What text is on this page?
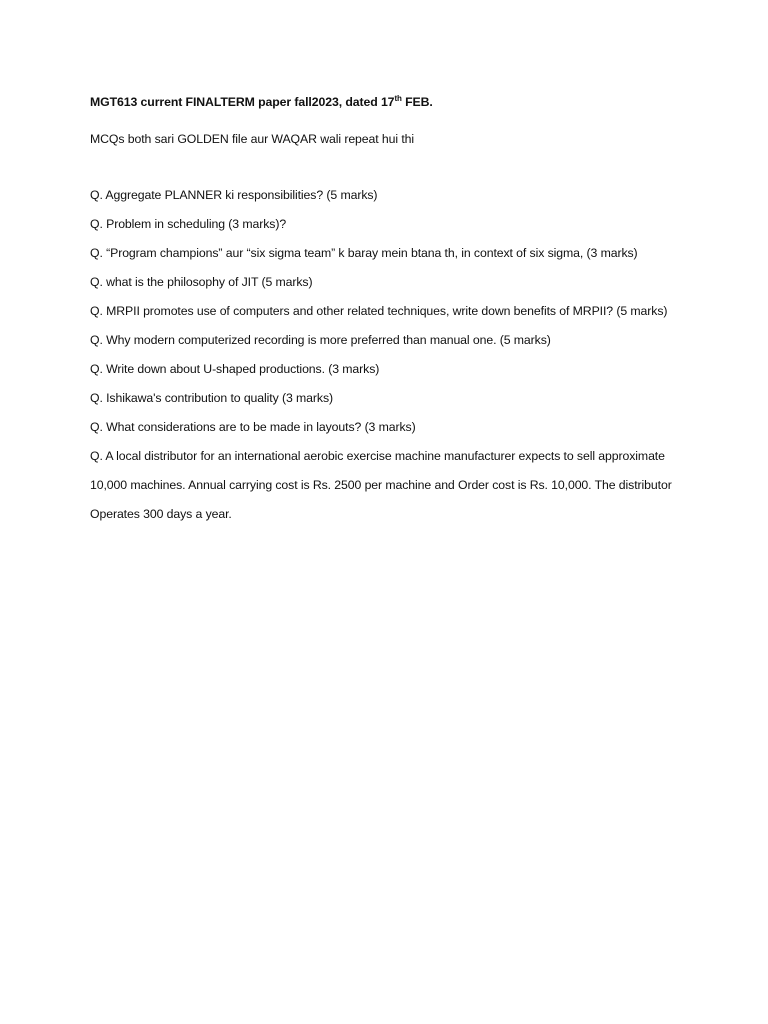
MGT613 current FINALTERM paper fall2023, dated 17th FEB.

MCQs both sari GOLDEN file aur WAQAR wali repeat hui thi

Q. Aggregate PLANNER ki responsibilities? (5 marks)
Q. Problem in scheduling (3 marks)?
Q. “Program champions” aur “six sigma team” k baray mein btana th, in context of six sigma, (3 marks)
Q. what is the philosophy of JIT (5 marks)
Q. MRPII promotes use of computers and other related techniques, write down benefits of MRPII? (5 marks)
Q. Why modern computerized recording is more preferred than manual one. (5 marks)
Q. Write down about U-shaped productions. (3 marks)
Q. Ishikawa's contribution to quality (3 marks)
Q. What considerations are to be made in layouts? (3 marks)
Q. A local distributor for an international aerobic exercise machine manufacturer expects to sell approximate 10,000 machines. Annual carrying cost is Rs. 2500 per machine and Order cost is Rs. 10,000. The distributor Operates 300 days a year.
